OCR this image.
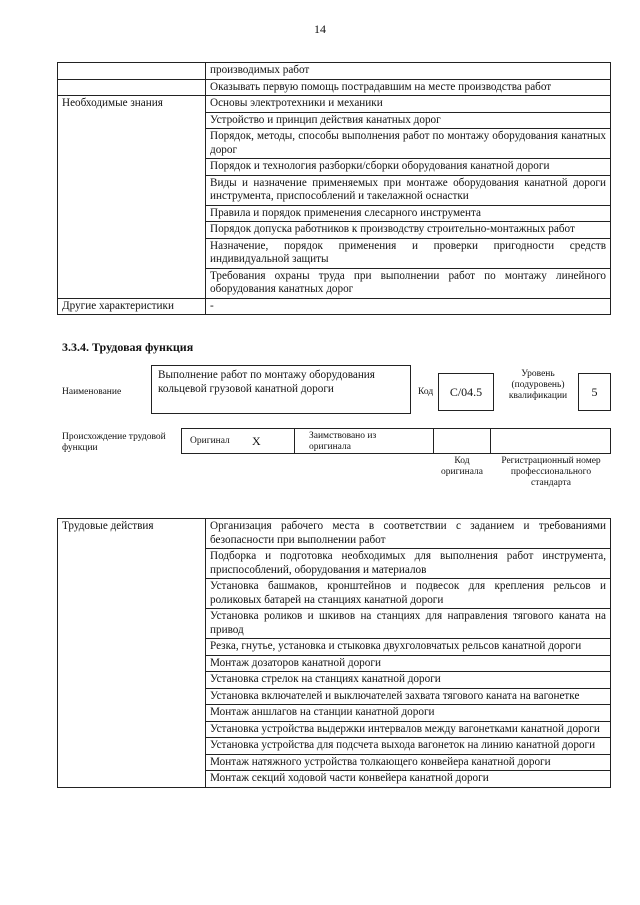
14
	производимых работ
	Оказывать первую помощь пострадавшим на месте производства работ
Необходимые знания	Основы электротехники и механики
	Устройство и принцип действия канатных дорог
	Порядок, методы, способы выполнения работ по монтажу оборудования канатных дорог
	Порядок и технология разборки/сборки оборудования канатной дороги
	Виды и назначение применяемых при монтаже оборудования канатной дороги инструмента, приспособлений и такелажной оснастки
	Правила и порядок применения слесарного инструмента
	Порядок допуска работников к производству строительно-монтажных работ
	Назначение, порядок применения и проверки пригодности средств индивидуальной защиты
	Требования охраны труда при выполнении работ по монтажу линейного оборудования канатных дорог
Другие характеристики	-
3.3.4. Трудовая функция
Наименование
Выполнение работ по монтажу оборудования кольцевой грузовой канатной дороги	Код	C/04.5
Уровень (подуровень) квалификации	5
Происхождение трудовой функции
Оригинал X	Заимствовано из оригинала
Код оригинала
Регистрационный номер профессионального стандарта
Трудовые действия	Организация рабочего места в соответствии с заданием и требованиями безопасности при выполнении работ
Подборка и подготовка необходимых для выполнения работ инструмента, приспособлений, оборудования и материалов
Установка башмаков, кронштейнов и подвесок для крепления рельсов и роликовых батарей на станциях канатной дороги
Установка роликов и шкивов на станциях для направления тягового каната на привод
Резка, гнутье, установка и стыковка двухголовчатых рельсов канатной дороги
Монтаж дозаторов канатной дороги
Установка стрелок на станциях канатной дороги
Установка включателей и выключателей захвата тягового каната на вагонетке
Монтаж аншлагов на станции канатной дороги
Установка устройства выдержки интервалов между вагонетками канатной дороги
Установка устройства для подсчета выхода вагонеток на линию канатной дороги
Монтаж натяжного устройства толкающего конвейера канатной дороги
Монтаж секций ходовой части конвейера канатной дороги
